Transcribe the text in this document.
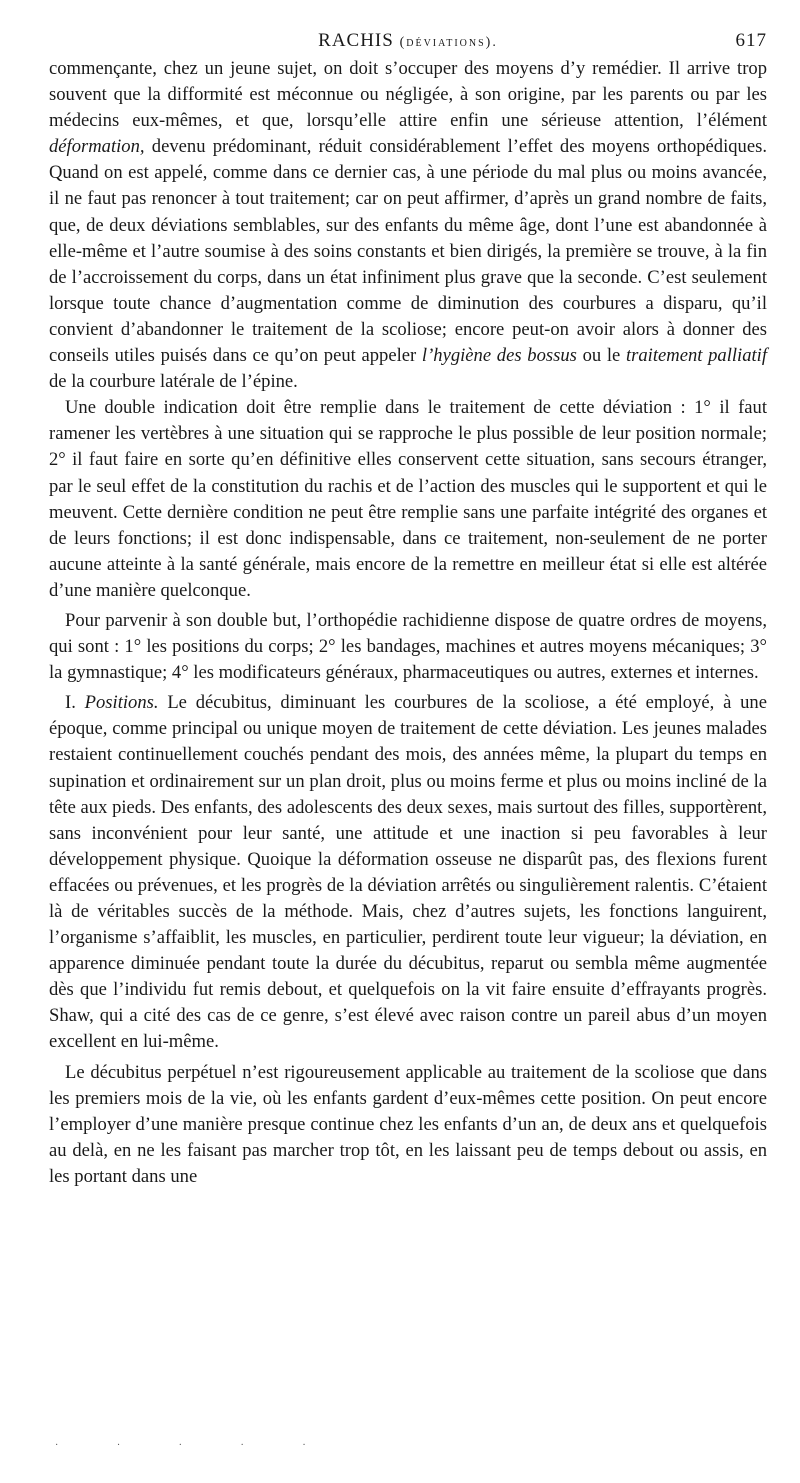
RACHIS (déviations).	617

commençante, chez un jeune sujet, on doit s’occuper des moyens d’y remédier. Il arrive trop souvent que la difformité est méconnue ou négligée, à son origine, par les parents ou par les médecins eux-mêmes, et que, lorsqu’elle attire enfin une sérieuse attention, l’élément déformation, devenu prédominant, réduit considérablement l’effet des moyens orthopédiques. Quand on est appelé, comme dans ce dernier cas, à une période du mal plus ou moins avancée, il ne faut pas renoncer à tout traitement; car on peut affirmer, d’après un grand nombre de faits, que, de deux déviations semblables, sur des enfants du même âge, dont l’une est abandonnée à elle-même et l’autre soumise à des soins constants et bien dirigés, la première se trouve, à la fin de l’accroissement du corps, dans un état infiniment plus grave que la seconde. C’est seulement lorsque toute chance d’augmentation comme de diminution des courbures a disparu, qu’il convient d’abandonner le traitement de la scoliose; encore peut-on avoir alors à donner des conseils utiles puisés dans ce qu’on peut appeler l’hygiène des bossus ou le traitement palliatif de la courbure latérale de l’épine.

Une double indication doit être remplie dans le traitement de cette déviation : 1° il faut ramener les vertèbres à une situation qui se rapproche le plus possible de leur position normale; 2° il faut faire en sorte qu’en définitive elles conservent cette situation, sans secours étranger, par le seul effet de la constitution du rachis et de l’action des muscles qui le supportent et qui le meuvent. Cette dernière condition ne peut être remplie sans une parfaite intégrité des organes et de leurs fonctions; il est donc indispensable, dans ce traitement, non-seulement de ne porter aucune atteinte à la santé générale, mais encore de la remettre en meilleur état si elle est altérée d’une manière quelconque.

Pour parvenir à son double but, l’orthopédie rachidienne dispose de quatre ordres de moyens, qui sont : 1° les positions du corps; 2° les bandages, machines et autres moyens mécaniques; 3° la gymnastique; 4° les modificateurs généraux, pharmaceutiques ou autres, externes et internes.

I. Positions. Le décubitus, diminuant les courbures de la scoliose, a été employé, à une époque, comme principal ou unique moyen de traitement de cette déviation. Les jeunes malades restaient continuellement couchés pendant des mois, des années même, la plupart du temps en supination et ordinairement sur un plan droit, plus ou moins ferme et plus ou moins incliné de la tête aux pieds. Des enfants, des adolescents des deux sexes, mais surtout des filles, supportèrent, sans inconvénient pour leur santé, une attitude et une inaction si peu favorables à leur développement physique. Quoique la déformation osseuse ne disparût pas, des flexions furent effacées ou prévenues, et les progrès de la déviation arrêtés ou singulièrement ralentis. C’étaient là de véritables succès de la méthode. Mais, chez d’autres sujets, les fonctions languirent, l’organisme s’affaiblit, les muscles, en particulier, perdirent toute leur vigueur; la déviation, en apparence diminuée pendant toute la durée du décubitus, reparut ou sembla même augmentée dès que l’individu fut remis debout, et quelquefois on la vit faire ensuite d’effrayants progrès. Shaw, qui a cité des cas de ce genre, s’est élevé avec raison contre un pareil abus d’un moyen excellent en lui-même.

Le décubitus perpétuel n’est rigoureusement applicable au traitement de la scoliose que dans les premiers mois de la vie, où les enfants gardent d’eux-mêmes cette position. On peut encore l’employer d’une manière presque continue chez les enfants d’un an, de deux ans et quelquefois au delà, en ne les faisant pas marcher trop tôt, en les laissant peu de temps debout ou assis, en les portant dans une

· · · · ·
